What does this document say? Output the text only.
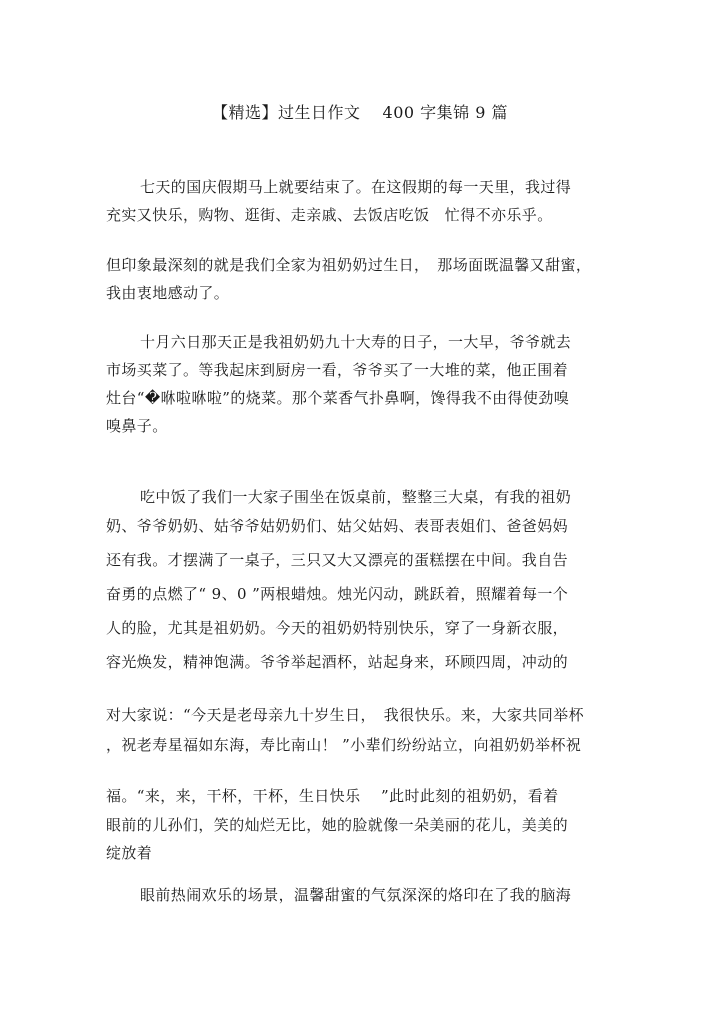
【精选】过生日作文　 400 字集锦 9 篇
七天的国庆假期马上就要结束了。在这假期的每一天里，我过得
充实又快乐，购物、逛街、走亲戚、去饭店吃饭　忙得不亦乐乎。
但印象最深刻的就是我们全家为祖奶奶过生日，　那场面既温馨又甜蜜，
我由衷地感动了。
十月六日那天正是我祖奶奶九十大寿的日子，一大早，爷爷就去
市场买菜了。等我起床到厨房一看，爷爷买了一大堆的菜，他正围着
灶台“�咻啦咻啦”的烧菜。那个菜香气扑鼻啊，馋得我不由得使劲嗅
嗅鼻子。
吃中饭了我们一大家子围坐在饭桌前，整整三大桌，有我的祖奶
奶、爷爷奶奶、姑爷爷姑奶奶们、姑父姑妈、表哥表姐们、爸爸妈妈
还有我。才摆满了一桌子，三只又大又漂亮的蛋糕摆在中间。我自告
奋勇的点燃了“ 9、0 ”两根蜡烛。烛光闪动，跳跃着，照耀着每一个
人的脸，尤其是祖奶奶。今天的祖奶奶特别快乐，穿了一身新衣服，
容光焕发，精神饱满。爷爷举起酒杯，站起身来，环顾四周，冲动的
对大家说：“今天是老母亲九十岁生日，　我很快乐。来，大家共同举杯
，祝老寿星福如东海，寿比南山！ ”小辈们纷纷站立，向祖奶奶举杯祝
福。“来，来，干杯，干杯，生日快乐　 ”此时此刻的祖奶奶，看着
眼前的儿孙们，笑的灿烂无比，她的脸就像一朵美丽的花儿，美美的
绽放着
眼前热闹欢乐的场景，温馨甜蜜的气氛深深的烙印在了我的脑海
